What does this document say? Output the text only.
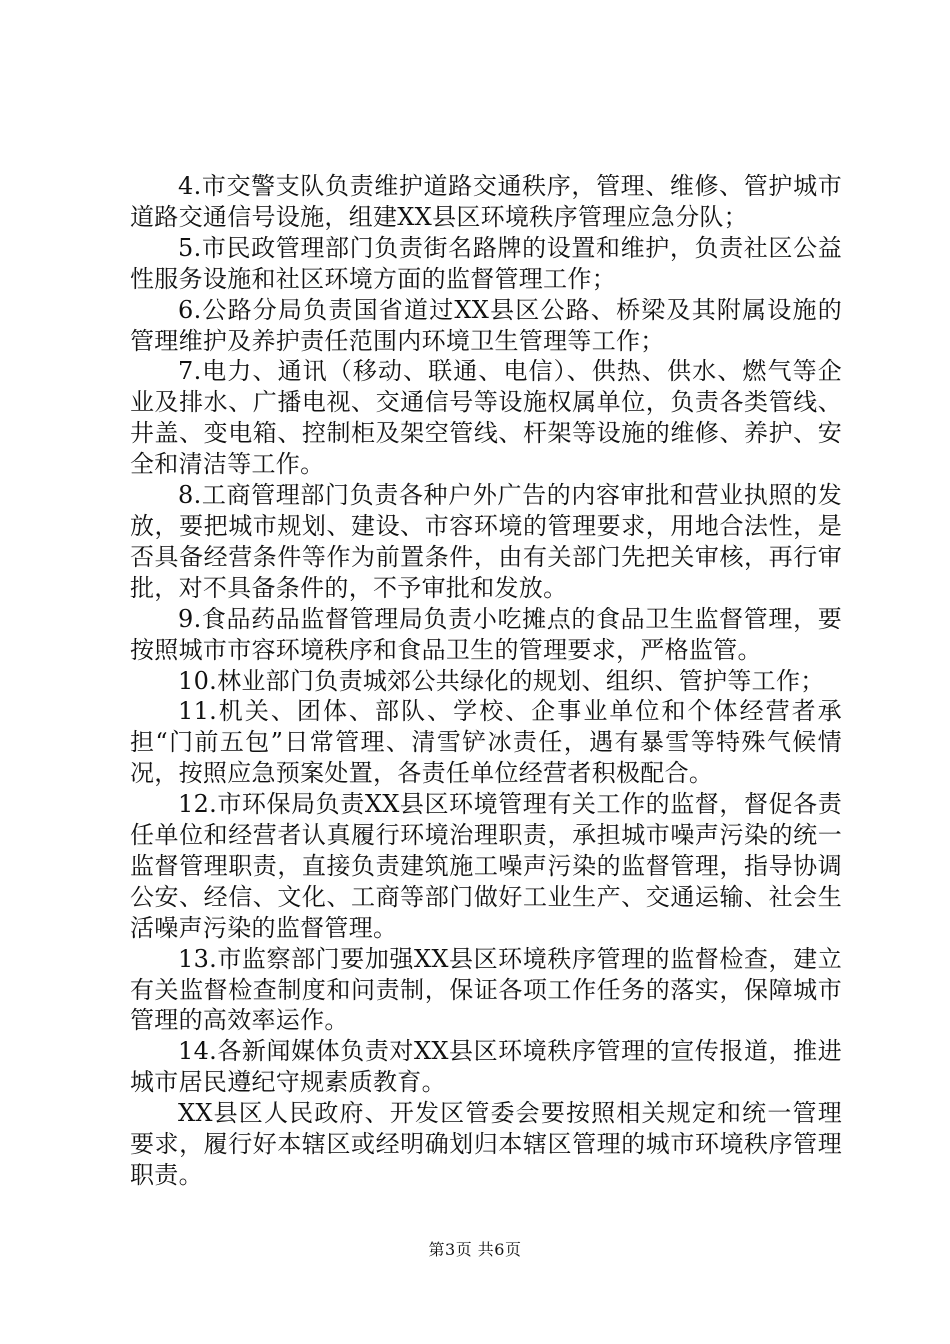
4.市交警支队负责维护道路交通秩序，管理、维修、管护城市道路交通信号设施，组建XX县区环境秩序管理应急分队；

5.市民政管理部门负责街名路牌的设置和维护，负责社区公益性服务设施和社区环境方面的监督管理工作；

6.公路分局负责国省道过XX县区公路、桥梁及其附属设施的管理维护及养护责任范围内环境卫生管理等工作；

7.电力、通讯（移动、联通、电信）、供热、供水、燃气等企业及排水、广播电视、交通信号等设施权属单位，负责各类管线、井盖、变电箱、控制柜及架空管线、杆架等设施的维修、养护、安全和清洁等工作。

8.工商管理部门负责各种户外广告的内容审批和营业执照的发放，要把城市规划、建设、市容环境的管理要求，用地合法性，是否具备经营条件等作为前置条件，由有关部门先把关审核，再行审批，对不具备条件的，不予审批和发放。

9.食品药品监督管理局负责小吃摊点的食品卫生监督管理，要按照城市市容环境秩序和食品卫生的管理要求，严格监管。

10.林业部门负责城郊公共绿化的规划、组织、管护等工作；

11.机关、团体、部队、学校、企事业单位和个体经营者承担“门前五包”日常管理、清雪铲冰责任，遇有暴雪等特殊气候情况，按照应急预案处置，各责任单位经营者积极配合。

12.市环保局负责XX县区环境管理有关工作的监督，督促各责任单位和经营者认真履行环境治理职责，承担城市噪声污染的统一监督管理职责，直接负责建筑施工噪声污染的监督管理，指导协调公安、经信、文化、工商等部门做好工业生产、交通运输、社会生活噪声污染的监督管理。

13.市监察部门要加强XX县区环境秩序管理的监督检查，建立有关监督检查制度和问责制，保证各项工作任务的落实，保障城市管理的高效率运作。

14.各新闻媒体负责对XX县区环境秩序管理的宣传报道，推进城市居民遵纪守规素质教育。

XX县区人民政府、开发区管委会要按照相关规定和统一管理要求，履行好本辖区或经明确划归本辖区管理的城市环境秩序管理职责。

第3页 共6页
